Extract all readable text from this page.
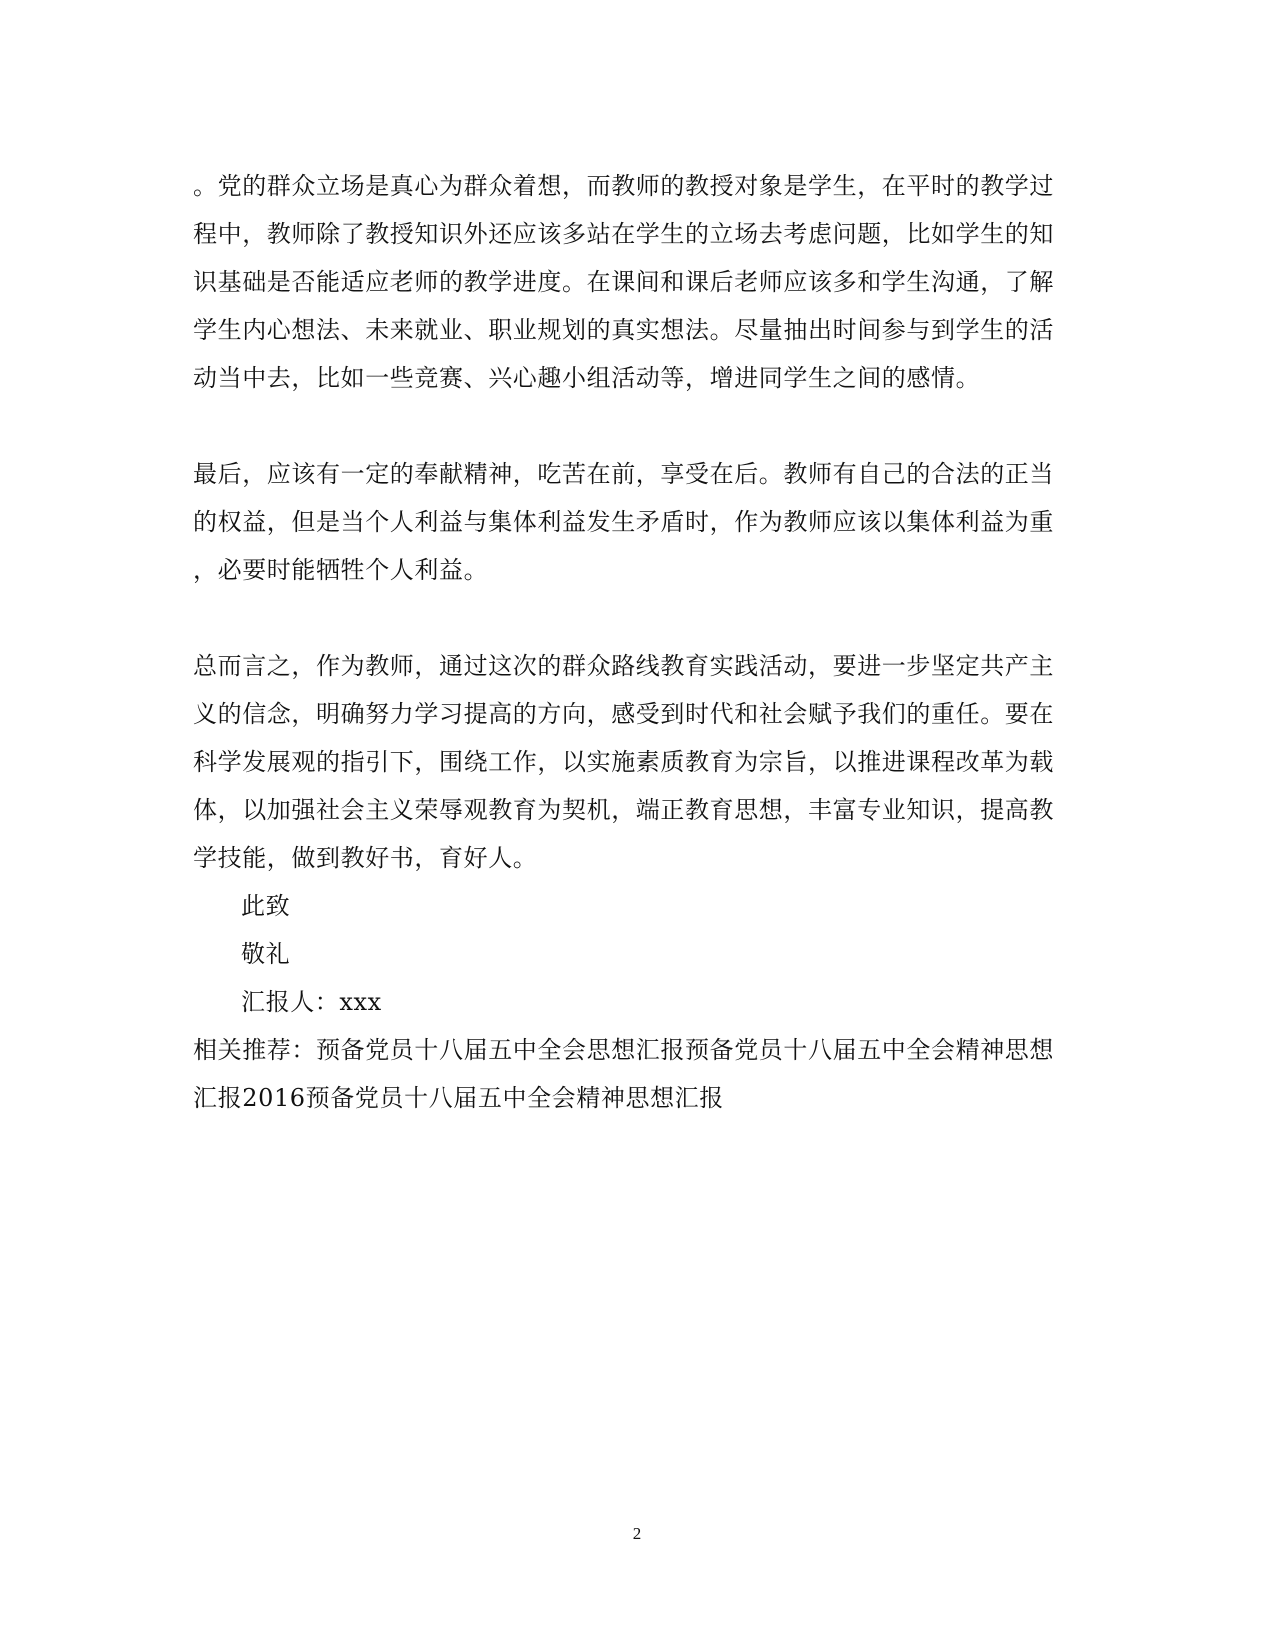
。党的群众立场是真心为群众着想，而教师的教授对象是学生，在平时的教学过
程中，教师除了教授知识外还应该多站在学生的立场去考虑问题，比如学生的知
识基础是否能适应老师的教学进度。在课间和课后老师应该多和学生沟通，了解
学生内心想法、未来就业、职业规划的真实想法。尽量抽出时间参与到学生的活
动当中去，比如一些竞赛、兴心趣小组活动等，增进同学生之间的感情。
最后，应该有一定的奉献精神，吃苦在前，享受在后。教师有自己的合法的正当
的权益，但是当个人利益与集体利益发生矛盾时，作为教师应该以集体利益为重
，必要时能牺牲个人利益。
总而言之，作为教师，通过这次的群众路线教育实践活动，要进一步坚定共产主
义的信念，明确努力学习提高的方向，感受到时代和社会赋予我们的重任。要在
科学发展观的指引下，围绕工作，以实施素质教育为宗旨，以推进课程改革为载
体，以加强社会主义荣辱观教育为契机，端正教育思想，丰富专业知识，提高教
学技能，做到教好书，育好人。
此致
敬礼
汇报人：xxx
相关推荐：预备党员十八届五中全会思想汇报预备党员十八届五中全会精神思想
汇报2016预备党员十八届五中全会精神思想汇报
2
